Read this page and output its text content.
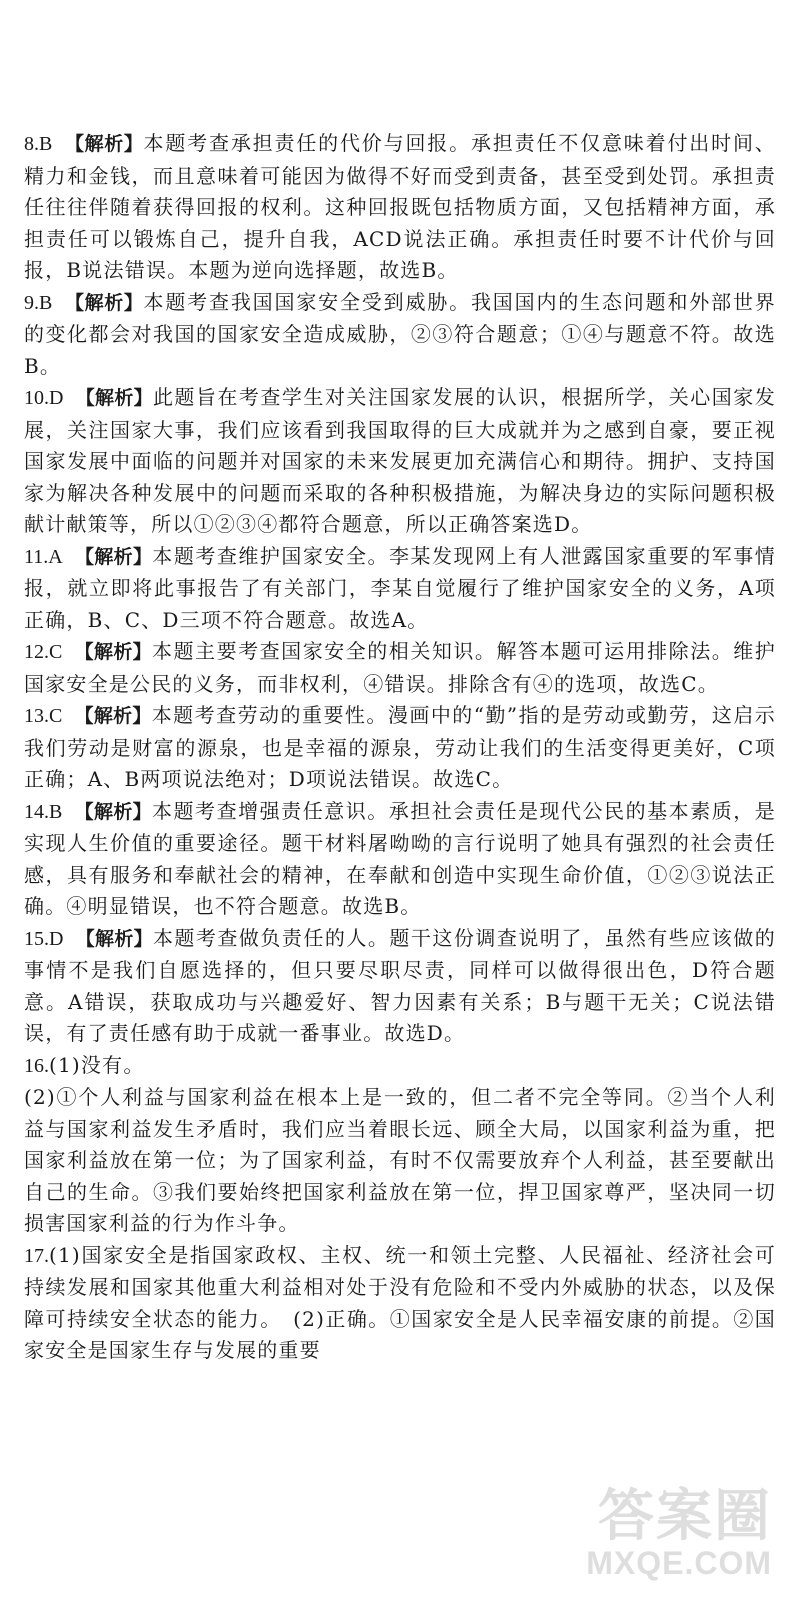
8.B 【解析】本题考查承担责任的代价与回报。承担责任不仅意味着付出时间、精力和金钱，而且意味着可能因为做得不好而受到责备，甚至受到处罚。承担责任往往伴随着获得回报的权利。这种回报既包括物质方面，又包括精神方面，承担责任可以锻炼自己，提升自我，ACD说法正确。承担责任时要不计代价与回报，B说法错误。本题为逆向选择题，故选B。

9.B 【解析】本题考查我国国家安全受到威胁。我国国内的生态问题和外部世界的变化都会对我国的国家安全造成威胁，②③符合题意；①④与题意不符。故选B。

10.D 【解析】此题旨在考查学生对关注国家发展的认识，根据所学，关心国家发展，关注国家大事，我们应该看到我国取得的巨大成就并为之感到自豪，要正视国家发展中面临的问题并对国家的未来发展更加充满信心和期待。拥护、支持国家为解决各种发展中的问题而采取的各种积极措施，为解决身边的实际问题积极献计献策等，所以①②③④都符合题意，所以正确答案选D。

11.A 【解析】本题考查维护国家安全。李某发现网上有人泄露国家重要的军事情报，就立即将此事报告了有关部门，李某自觉履行了维护国家安全的义务，A项正确，B、C、D三项不符合题意。故选A。

12.C 【解析】本题主要考查国家安全的相关知识。解答本题可运用排除法。维护国家安全是公民的义务，而非权利，④错误。排除含有④的选项，故选C。

13.C 【解析】本题考查劳动的重要性。漫画中的“勤”指的是劳动或勤劳，这启示我们劳动是财富的源泉，也是幸福的源泉，劳动让我们的生活变得更美好，C项正确；A、B两项说法绝对；D项说法错误。故选C。

14.B 【解析】本题考查增强责任意识。承担社会责任是现代公民的基本素质，是实现人生价值的重要途径。题干材料屠呦呦的言行说明了她具有强烈的社会责任感，具有服务和奉献社会的精神，在奉献和创造中实现生命价值，①②③说法正确。④明显错误，也不符合题意。故选B。

15.D 【解析】本题考查做负责任的人。题干这份调查说明了，虽然有些应该做的事情不是我们自愿选择的，但只要尽职尽责，同样可以做得很出色，D符合题意。A错误，获取成功与兴趣爱好、智力因素有关系；B与题干无关；C说法错误，有了责任感有助于成就一番事业。故选D。

16.(1)没有。

(2)①个人利益与国家利益在根本上是一致的，但二者不完全等同。②当个人利益与国家利益发生矛盾时，我们应当着眼长远、顾全大局，以国家利益为重，把国家利益放在第一位；为了国家利益，有时不仅需要放弃个人利益，甚至要献出自己的生命。③我们要始终把国家利益放在第一位，捍卫国家尊严，坚决同一切损害国家利益的行为作斗争。

17.(1)国家安全是指国家政权、主权、统一和领土完整、人民福祉、经济社会可持续发展和国家其他重大利益相对处于没有危险和不受内外威胁的状态，以及保障可持续安全状态的能力。　(2)正确。①国家安全是人民幸福安康的前提。②国家安全是国家生存与发展的重要

答案圈
MXQE.COM
